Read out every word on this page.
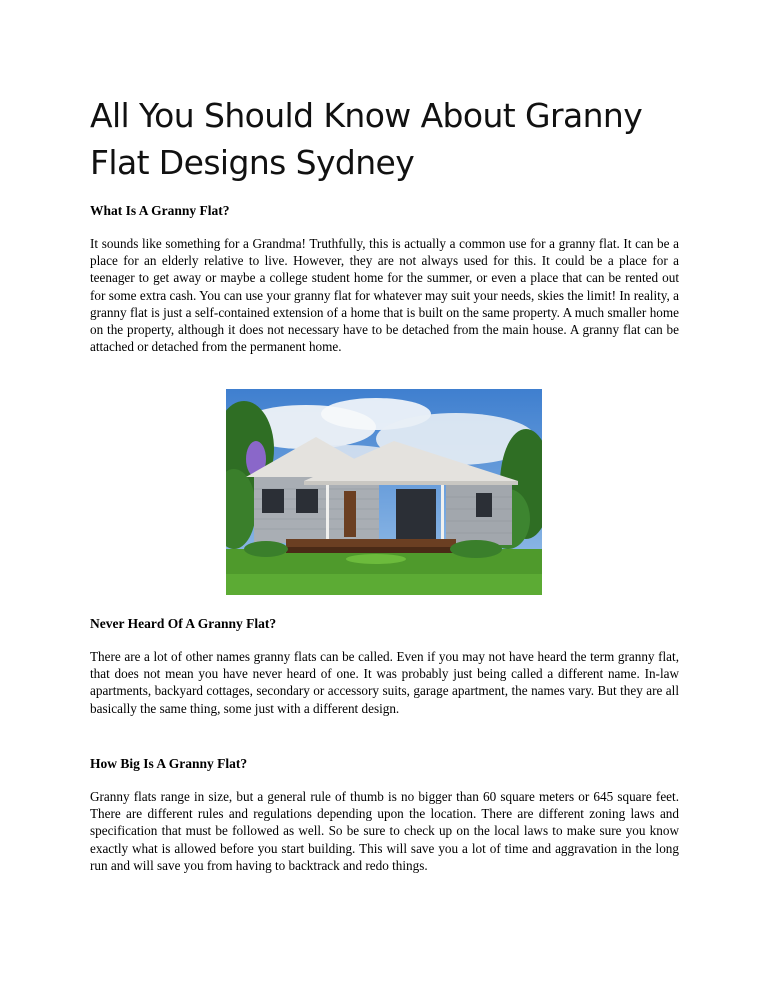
All You Should Know About Granny
Flat Designs Sydney
What Is A Granny Flat?

It sounds like something for a Grandma! Truthfully, this is actually a common use for a granny flat. It can be a place for an elderly relative to live. However, they are not always used for this. It could be a place for a teenager to get away or maybe a college student home for the summer, or even a place that can be rented out for some extra cash. You can use your granny flat for whatever may suit your needs, skies the limit! In reality, a granny flat is just a self-contained extension of a home that is built on the same property. A much smaller home on the property, although it does not necessary have to be detached from the main house. A granny flat can be attached or detached from the permanent home.

Never Heard Of A Granny Flat?

There are a lot of other names granny flats can be called. Even if you may not have heard the term granny flat, that does not mean you have never heard of one. It was probably just being called a different name. In-law apartments, backyard cottages, secondary or accessory suits, garage apartment, the names vary. But they are all basically the same thing, some just with a different design.

How Big Is A Granny Flat?

Granny flats range in size, but a general rule of thumb is no bigger than 60 square meters or 645 square feet. There are different rules and regulations depending upon the location. There are different zoning laws and specification that must be followed as well. So be sure to check up on the local laws to make sure you know exactly what is allowed before you start building. This will save you a lot of time and aggravation in the long run and will save you from having to backtrack and redo things.
